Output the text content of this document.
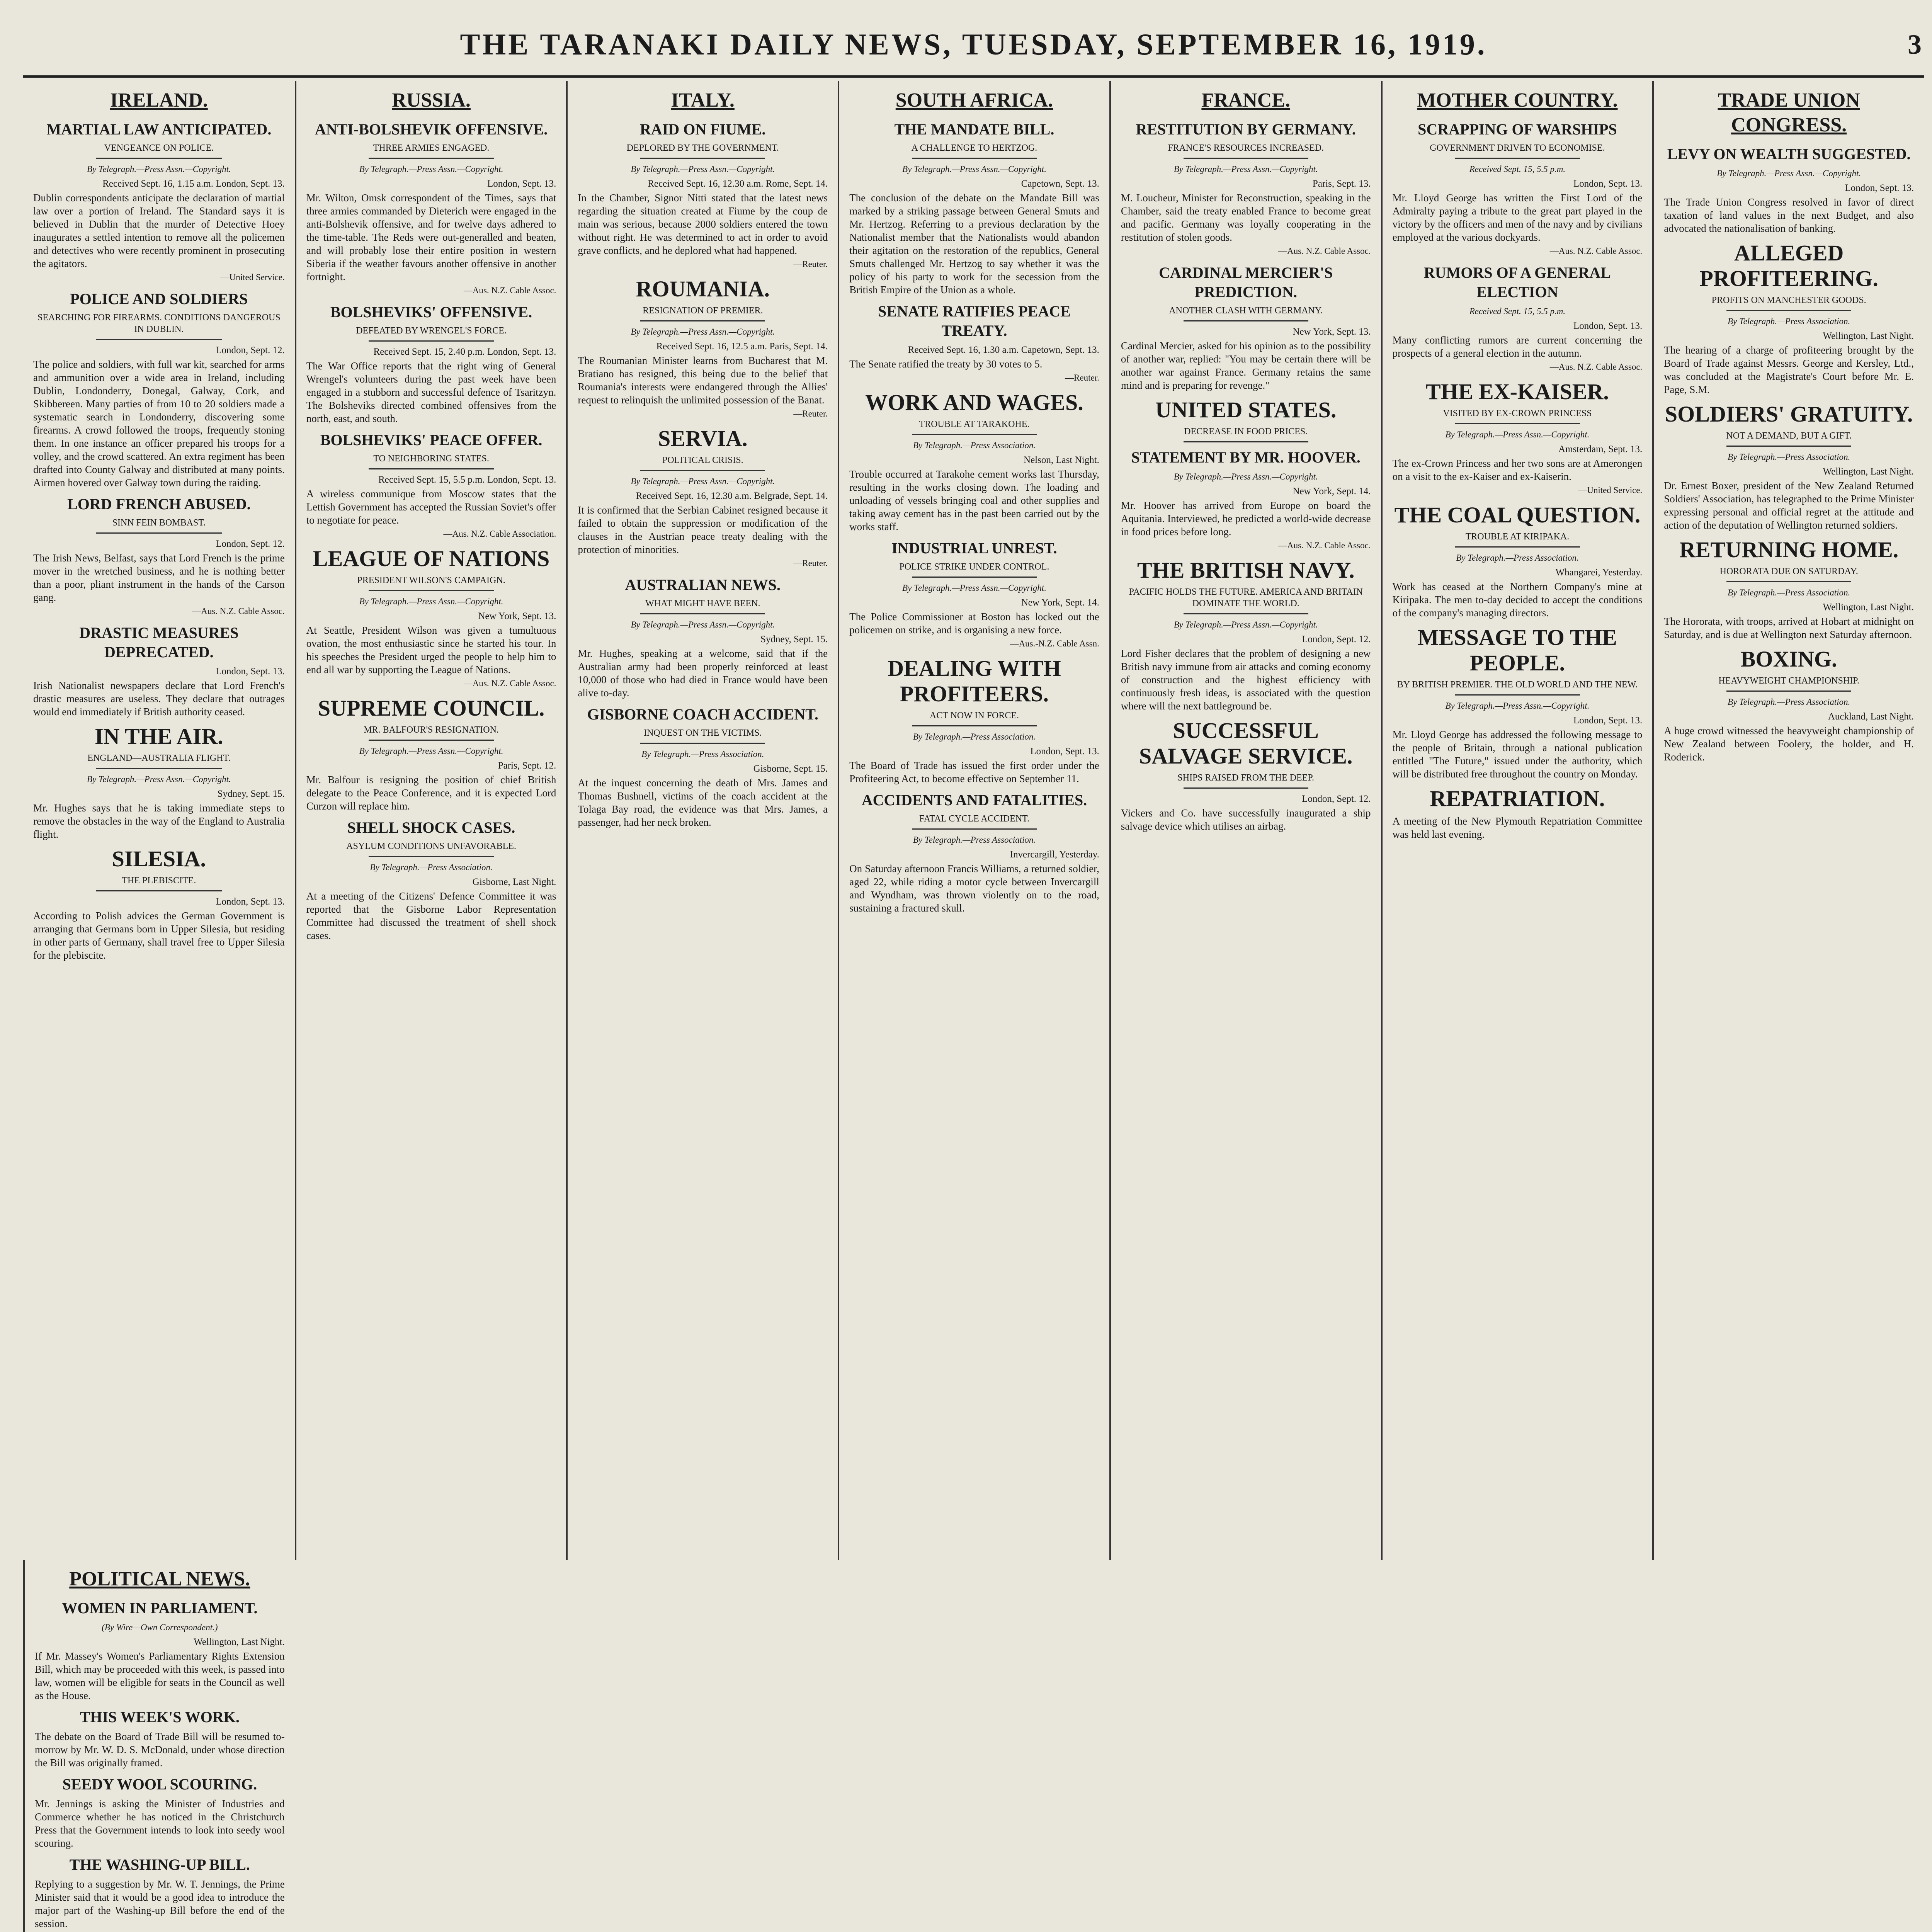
THE TARANAKI DAILY NEWS, TUESDAY, SEPTEMBER 16, 1919.	3
IRELAND.
MARTIAL LAW ANTICIPATED.
VENGEANCE ON POLICE.
By Telegraph.—Press Assn.—Copyright.
Received Sept. 16, 1.15 a.m. London, Sept. 13.

Dublin correspondents anticipate the declaration of martial law over a portion of Ireland. The Standard says it is believed in Dublin that the murder of Detective Hoey inaugurates a settled intention to remove all the policemen and detectives who were recently prominent in prosecuting the agitators.

—United Service.
POLICE AND SOLDIERS
SEARCHING FOR FIREARMS. CONDITIONS DANGEROUS IN DUBLIN.
London, Sept. 12.

The police and soldiers, with full war kit, searched for arms and ammunition over a wide area in Ireland, including Dublin, Londonderry, Donegal, Galway, Cork, and Skibbereen. Many parties of from 10 to 20 soldiers made a systematic search in Londonderry, discovering some firearms. A crowd followed the troops, frequently stoning them. In one instance an officer prepared his troops for a volley, and the crowd scattered. An extra regiment has been drafted into County Galway and distributed at many points. Airmen hovered over Galway town during the raiding.

LORD FRENCH ABUSED.
SINN FEIN BOMBAST.
London, Sept. 12.

The Irish News, Belfast, says that Lord French is the prime mover in the wretched business, and he is nothing better than a poor, pliant instrument in the hands of the Carson gang.

—Aus. N.Z. Cable Assoc.
DRASTIC MEASURES DEPRECATED.
London, Sept. 13.

Irish Nationalist newspapers declare that Lord French's drastic measures are useless. They declare that outrages would end immediately if British authority ceased.

IN THE AIR.
ENGLAND—AUSTRALIA FLIGHT.
By Telegraph.—Press Assn.—Copyright.
Sydney, Sept. 15.

Mr. Hughes says that he is taking immediate steps to remove the obstacles in the way of the England to Australia flight.

SILESIA.
THE PLEBISCITE.
London, Sept. 13.

According to Polish advices the German Government is arranging that Germans born in Upper Silesia, but residing in other parts of Germany, shall travel free to Upper Silesia for the plebiscite.

RUSSIA.
ANTI-BOLSHEVIK OFFENSIVE.
THREE ARMIES ENGAGED.
By Telegraph.—Press Assn.—Copyright.
London, Sept. 13.

Mr. Wilton, Omsk correspondent of the Times, says that three armies commanded by Dieterich were engaged in the anti-Bolshevik offensive, and for twelve days adhered to the time-table. The Reds were out-generalled and beaten, and will probably lose their entire position in western Siberia if the weather favours another offensive in another fortnight.

—Aus. N.Z. Cable Assoc.
BOLSHEVIKS' OFFENSIVE.
DEFEATED BY WRENGEL'S FORCE.
Received Sept. 15, 2.40 p.m. London, Sept. 13.

The War Office reports that the right wing of General Wrengel's volunteers during the past week have been engaged in a stubborn and successful defence of Tsaritzyn. The Bolsheviks directed combined offensives from the north, east, and south.

BOLSHEVIKS' PEACE OFFER.
TO NEIGHBORING STATES.
Received Sept. 15, 5.5 p.m. London, Sept. 13.

A wireless communique from Moscow states that the Lettish Government has accepted the Russian Soviet's offer to negotiate for peace.

—Aus. N.Z. Cable Association.
LEAGUE OF NATIONS
PRESIDENT WILSON'S CAMPAIGN.
By Telegraph.—Press Assn.—Copyright.
New York, Sept. 13.

At Seattle, President Wilson was given a tumultuous ovation, the most enthusiastic since he started his tour. In his speeches the President urged the people to help him to end all war by supporting the League of Nations.

—Aus. N.Z. Cable Assoc.
SUPREME COUNCIL.
MR. BALFOUR'S RESIGNATION.
By Telegraph.—Press Assn.—Copyright.
Paris, Sept. 12.

Mr. Balfour is resigning the position of chief British delegate to the Peace Conference, and it is expected Lord Curzon will replace him.

SHELL SHOCK CASES.
ASYLUM CONDITIONS UNFAVORABLE.
By Telegraph.—Press Association.
Gisborne, Last Night.

At a meeting of the Citizens' Defence Committee it was reported that the Gisborne Labor Representation Committee had discussed the treatment of shell shock cases.

ITALY.
RAID ON FIUME.
DEPLORED BY THE GOVERNMENT.
By Telegraph.—Press Assn.—Copyright.
Received Sept. 16, 12.30 a.m. Rome, Sept. 14.

In the Chamber, Signor Nitti stated that the latest news regarding the situation created at Fiume by the coup de main was serious, because 2000 soldiers entered the town without right. He was determined to act in order to avoid grave conflicts, and he deplored what had happened.

—Reuter.
ROUMANIA.
RESIGNATION OF PREMIER.
By Telegraph.—Press Assn.—Copyright.
Received Sept. 16, 12.5 a.m. Paris, Sept. 14.

The Roumanian Minister learns from Bucharest that M. Bratiano has resigned, this being due to the belief that Roumania's interests were endangered through the Allies' request to relinquish the unlimited possession of the Banat.

—Reuter.
SERVIA.
POLITICAL CRISIS.
By Telegraph.—Press Assn.—Copyright.
Received Sept. 16, 12.30 a.m. Belgrade, Sept. 14.

It is confirmed that the Serbian Cabinet resigned because it failed to obtain the suppression or modification of the clauses in the Austrian peace treaty dealing with the protection of minorities.

—Reuter.
AUSTRALIAN NEWS.
WHAT MIGHT HAVE BEEN.
By Telegraph.—Press Assn.—Copyright.
Sydney, Sept. 15.

Mr. Hughes, speaking at a welcome, said that if the Australian army had been properly reinforced at least 10,000 of those who had died in France would have been alive to-day.

GISBORNE COACH ACCIDENT.
INQUEST ON THE VICTIMS.
By Telegraph.—Press Association.
Gisborne, Sept. 15.

At the inquest concerning the death of Mrs. James and Thomas Bushnell, victims of the coach accident at the Tolaga Bay road, the evidence was that Mrs. James, a passenger, had her neck broken.

SOUTH AFRICA.
THE MANDATE BILL.
A CHALLENGE TO HERTZOG.
By Telegraph.—Press Assn.—Copyright.
Capetown, Sept. 13.

The conclusion of the debate on the Mandate Bill was marked by a striking passage between General Smuts and Mr. Hertzog. Referring to a previous declaration by the Nationalist member that the Nationalists would abandon their agitation on the restoration of the republics, General Smuts challenged Mr. Hertzog to say whether it was the policy of his party to work for the secession from the British Empire of the Union as a whole.

SENATE RATIFIES PEACE TREATY.
Received Sept. 16, 1.30 a.m. Capetown, Sept. 13.

The Senate ratified the treaty by 30 votes to 5.

—Reuter.
WORK AND WAGES.
TROUBLE AT TARAKOHE.
By Telegraph.—Press Association.
Nelson, Last Night.

Trouble occurred at Tarakohe cement works last Thursday, resulting in the works closing down. The loading and unloading of vessels bringing coal and other supplies and taking away cement has in the past been carried out by the works staff.

INDUSTRIAL UNREST.
POLICE STRIKE UNDER CONTROL.
By Telegraph.—Press Assn.—Copyright.
New York, Sept. 14.

The Police Commissioner at Boston has locked out the policemen on strike, and is organising a new force.

—Aus.-N.Z. Cable Assn.
DEALING WITH PROFITEERS.
ACT NOW IN FORCE.
By Telegraph.—Press Association.
London, Sept. 13.

The Board of Trade has issued the first order under the Profiteering Act, to become effective on September 11.

ACCIDENTS AND FATALITIES.
FATAL CYCLE ACCIDENT.
By Telegraph.—Press Association.
Invercargill, Yesterday.

On Saturday afternoon Francis Williams, a returned soldier, aged 22, while riding a motor cycle between Invercargill and Wyndham, was thrown violently on to the road, sustaining a fractured skull.

FRANCE.
RESTITUTION BY GERMANY.
FRANCE'S RESOURCES INCREASED.
By Telegraph.—Press Assn.—Copyright.
Paris, Sept. 13.

M. Loucheur, Minister for Reconstruction, speaking in the Chamber, said the treaty enabled France to become great and pacific. Germany was loyally cooperating in the restitution of stolen goods.

—Aus. N.Z. Cable Assoc.
CARDINAL MERCIER'S PREDICTION.
ANOTHER CLASH WITH GERMANY.
New York, Sept. 13.

Cardinal Mercier, asked for his opinion as to the possibility of another war, replied: "You may be certain there will be another war against France. Germany retains the same mind and is preparing for revenge."

UNITED STATES.
DECREASE IN FOOD PRICES.
STATEMENT BY MR. HOOVER.
By Telegraph.—Press Assn.—Copyright.
New York, Sept. 14.

Mr. Hoover has arrived from Europe on board the Aquitania. Interviewed, he predicted a world-wide decrease in food prices before long.

—Aus. N.Z. Cable Assoc.
THE BRITISH NAVY.
PACIFIC HOLDS THE FUTURE. AMERICA AND BRITAIN DOMINATE THE WORLD.
By Telegraph.—Press Assn.—Copyright.
London, Sept. 12.

Lord Fisher declares that the problem of designing a new British navy immune from air attacks and coming economy of construction and the highest efficiency with continuously fresh ideas, is associated with the question where will the next battleground be.

SUCCESSFUL SALVAGE SERVICE.
SHIPS RAISED FROM THE DEEP.
London, Sept. 12.

Vickers and Co. have successfully inaugurated a ship salvage device which utilises an airbag.

MOTHER COUNTRY.
SCRAPPING OF WARSHIPS
GOVERNMENT DRIVEN TO ECONOMISE.
Received Sept. 15, 5.5 p.m.
London, Sept. 13.

Mr. Lloyd George has written the First Lord of the Admiralty paying a tribute to the great part played in the victory by the officers and men of the navy and by civilians employed at the various dockyards.

—Aus. N.Z. Cable Assoc.
RUMORS OF A GENERAL ELECTION
Received Sept. 15, 5.5 p.m.
London, Sept. 13.

Many conflicting rumors are current concerning the prospects of a general election in the autumn.

—Aus. N.Z. Cable Assoc.
THE EX-KAISER.
VISITED BY EX-CROWN PRINCESS
By Telegraph.—Press Assn.—Copyright.
Amsterdam, Sept. 13.

The ex-Crown Princess and her two sons are at Amerongen on a visit to the ex-Kaiser and ex-Kaiserin.

—United Service.
THE COAL QUESTION.
TROUBLE AT KIRIPAKA.
By Telegraph.—Press Association.
Whangarei, Yesterday.

Work has ceased at the Northern Company's mine at Kiripaka. The men to-day decided to accept the conditions of the company's managing directors.

MESSAGE TO THE PEOPLE.
BY BRITISH PREMIER. THE OLD WORLD AND THE NEW.
By Telegraph.—Press Assn.—Copyright.
London, Sept. 13.

Mr. Lloyd George has addressed the following message to the people of Britain, through a national publication entitled "The Future," issued under the authority, which will be distributed free throughout the country on Monday.

REPATRIATION.

A meeting of the New Plymouth Repatriation Committee was held last evening.

TRADE UNION CONGRESS.
LEVY ON WEALTH SUGGESTED.
By Telegraph.—Press Assn.—Copyright.
London, Sept. 13.

The Trade Union Congress resolved in favor of direct taxation of land values in the next Budget, and also advocated the nationalisation of banking.

ALLEGED PROFITEERING.
PROFITS ON MANCHESTER GOODS.
By Telegraph.—Press Association.
Wellington, Last Night.

The hearing of a charge of profiteering brought by the Board of Trade against Messrs. George and Kersley, Ltd., was concluded at the Magistrate's Court before Mr. E. Page, S.M.

SOLDIERS' GRATUITY.
NOT A DEMAND, BUT A GIFT.
By Telegraph.—Press Association.
Wellington, Last Night.

Dr. Ernest Boxer, president of the New Zealand Returned Soldiers' Association, has telegraphed to the Prime Minister expressing personal and official regret at the attitude and action of the deputation of Wellington returned soldiers.

RETURNING HOME.
HORORATA DUE ON SATURDAY.
By Telegraph.—Press Association.
Wellington, Last Night.

The Hororata, with troops, arrived at Hobart at midnight on Saturday, and is due at Wellington next Saturday afternoon.

BOXING.
HEAVYWEIGHT CHAMPIONSHIP.
By Telegraph.—Press Association.
Auckland, Last Night.

A huge crowd witnessed the heavyweight championship of New Zealand between Foolery, the holder, and H. Roderick.

POLITICAL NEWS.
WOMEN IN PARLIAMENT.
(By Wire—Own Correspondent.)
Wellington, Last Night.

If Mr. Massey's Women's Parliamentary Rights Extension Bill, which may be proceeded with this week, is passed into law, women will be eligible for seats in the Council as well as the House.

THIS WEEK'S WORK.

The debate on the Board of Trade Bill will be resumed to-morrow by Mr. W. D. S. McDonald, under whose direction the Bill was originally framed.

SEEDY WOOL SCOURING.

Mr. Jennings is asking the Minister of Industries and Commerce whether he has noticed in the Christchurch Press that the Government intends to look into seedy wool scouring.

THE WASHING-UP BILL.

Replying to a suggestion by Mr. W. T. Jennings, the Prime Minister said that it would be a good idea to introduce the major part of the Washing-up Bill before the end of the session.
